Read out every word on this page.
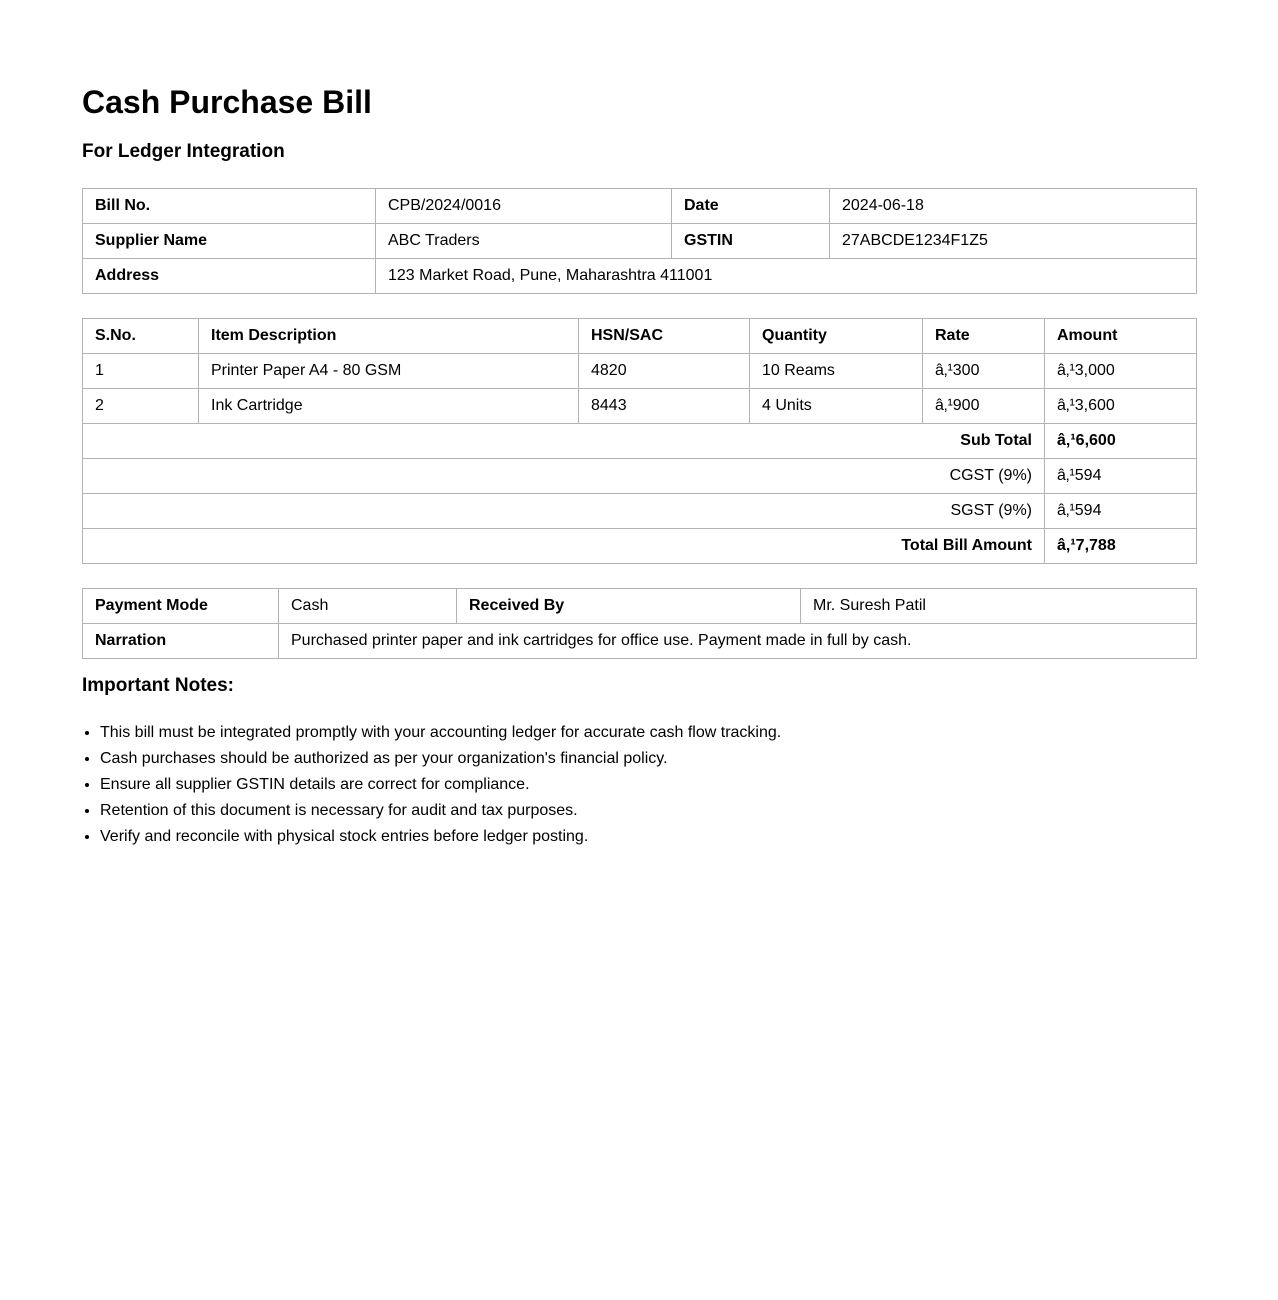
Cash Purchase Bill
For Ledger Integration
Bill No.	CPB/2024/0016	Date	2024-06-18
Supplier Name	ABC Traders	GSTIN	27ABCDE1234F1Z5
Address	123 Market Road, Pune, Maharashtra 411001		
S.No.	Item Description	HSN/SAC	Quantity	Rate	Amount
1	Printer Paper A4 - 80 GSM	4820	10 Reams	â‚¹300	â‚¹3,000
2	Ink Cartridge	8443	4 Units	â‚¹900	â‚¹3,600
Sub Total					â‚¹6,600
CGST (9%)					â‚¹594
SGST (9%)					â‚¹594
Total Bill Amount					â‚¹7,788
Payment Mode	Cash	Received By	Mr. Suresh Patil
Narration	Purchased printer paper and ink cartridges for office use. Payment made in full by cash.		
Important Notes:
• This bill must be integrated promptly with your accounting ledger for accurate cash flow tracking.
• Cash purchases should be authorized as per your organization's financial policy.
• Ensure all supplier GSTIN details are correct for compliance.
• Retention of this document is necessary for audit and tax purposes.
• Verify and reconcile with physical stock entries before ledger posting.
